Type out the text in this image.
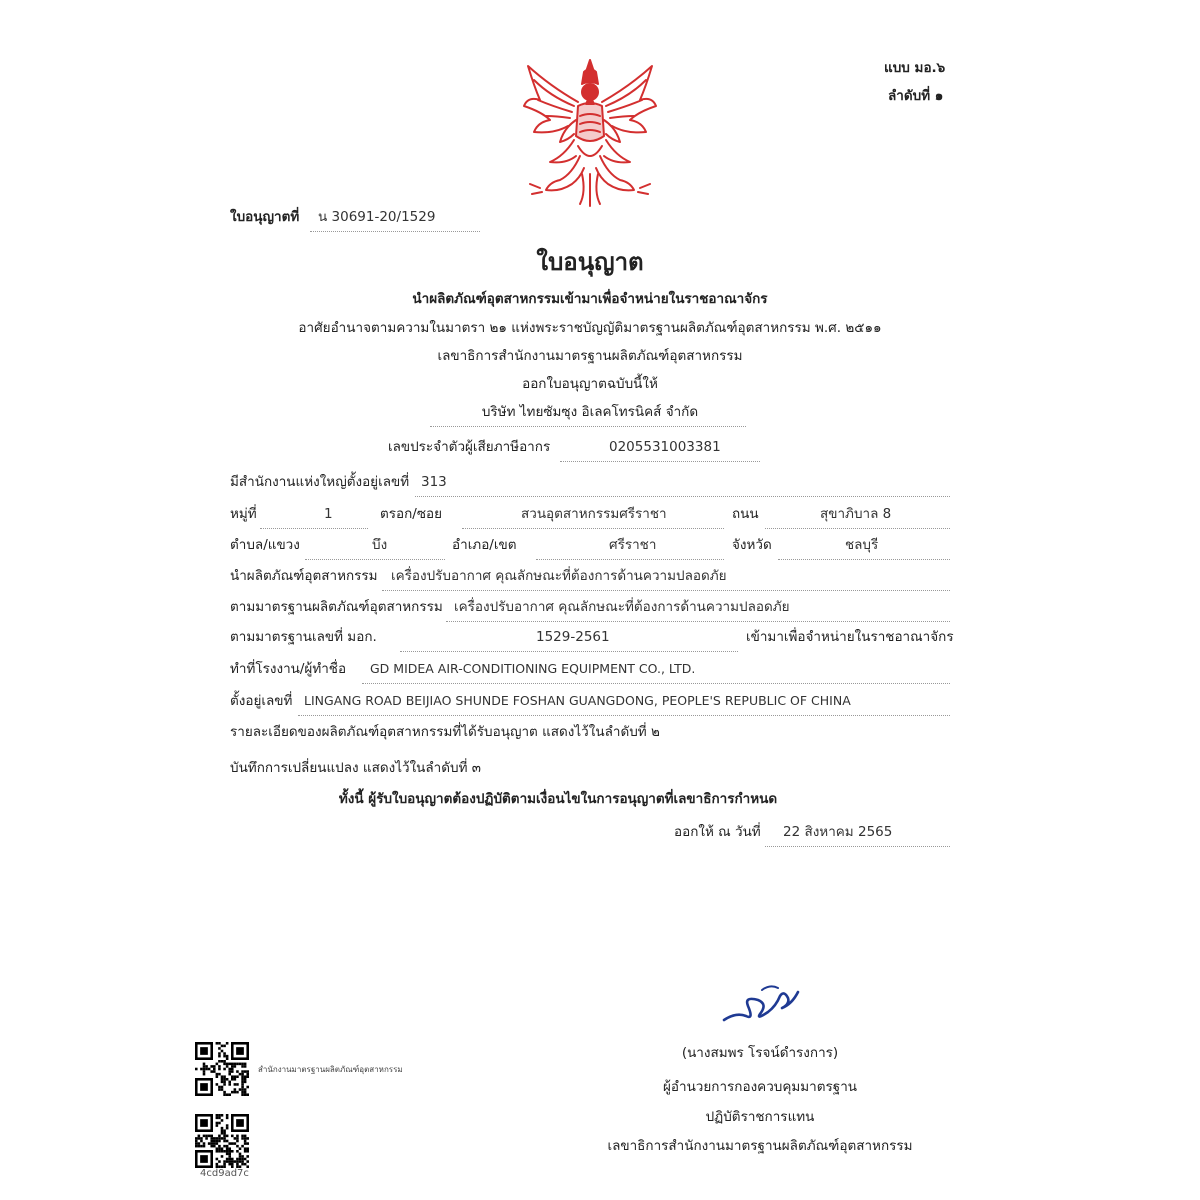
แบบ มอ.๖
ลำดับที่ ๑
ใบอนุญาตที่ น 30691-20/1529
ใบอนุญาต
นำผลิตภัณฑ์อุตสาหกรรมเข้ามาเพื่อจำหน่ายในราชอาณาจักร
อาศัยอำนาจตามความในมาตรา ๒๑ แห่งพระราชบัญญัติมาตรฐานผลิตภัณฑ์อุตสาหกรรม พ.ศ. ๒๕๑๑
เลขาธิการสำนักงานมาตรฐานผลิตภัณฑ์อุตสาหกรรม
ออกใบอนุญาตฉบับนี้ให้
บริษัท ไทยซัมซุง อิเลคโทรนิคส์ จำกัด
เลขประจำตัวผู้เสียภาษีอากร	0205531003381
มีสำนักงานแห่งใหญ่ตั้งอยู่เลขที่ 313
หมู่ที่	1	ตรอก/ซอย	สวนอุตสาหกรรมศรีราชา	ถนน	สุขาภิบาล 8
ตำบล/แขวง	บึง	อำเภอ/เขต	ศรีราชา	จังหวัด	ชลบุรี
นำผลิตภัณฑ์อุตสาหกรรม เครื่องปรับอากาศ คุณลักษณะที่ต้องการด้านความปลอดภัย
ตามมาตรฐานผลิตภัณฑ์อุตสาหกรรม เครื่องปรับอากาศ คุณลักษณะที่ต้องการด้านความปลอดภัย
ตามมาตรฐานเลขที่ มอก.	1529-2561	เข้ามาเพื่อจำหน่ายในราชอาณาจักร
ทำที่โรงงาน/ผู้ทำชื่อ GD MIDEA AIR-CONDITIONING EQUIPMENT CO., LTD.
ตั้งอยู่เลขที่ LINGANG ROAD BEIJIAO SHUNDE FOSHAN GUANGDONG, PEOPLE'S REPUBLIC OF CHINA
รายละเอียดของผลิตภัณฑ์อุตสาหกรรมที่ได้รับอนุญาต แสดงไว้ในลำดับที่ ๒
บันทึกการเปลี่ยนแปลง แสดงไว้ในลำดับที่ ๓
ทั้งนี้ ผู้รับใบอนุญาตต้องปฏิบัติตามเงื่อนไขในการอนุญาตที่เลขาธิการกำหนด
ออกให้ ณ วันที่ 22 สิงหาคม 2565
(นางสมพร โรจน์ดำรงการ)
ผู้อำนวยการกองควบคุมมาตรฐาน
ปฏิบัติราชการแทน
เลขาธิการสำนักงานมาตรฐานผลิตภัณฑ์อุตสาหกรรม
สำนักงานมาตรฐานผลิตภัณฑ์อุตสาหกรรม
4cd9ad7c
